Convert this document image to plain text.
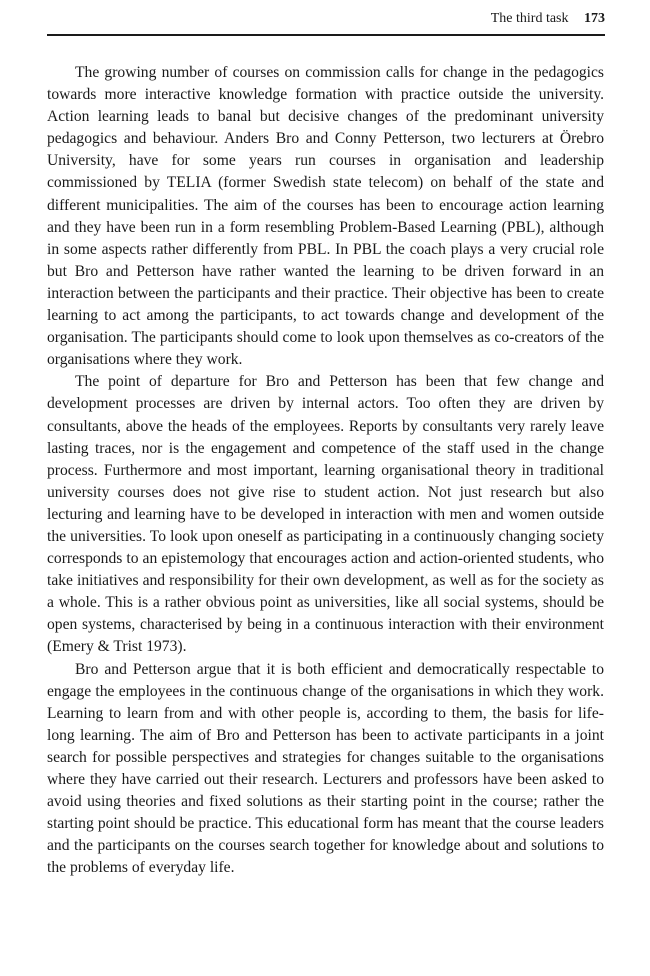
The third task 173

The growing number of courses on commission calls for change in the pedagogics towards more interactive knowledge formation with practice outside the university. Action learning leads to banal but decisive changes of the predominant university pedagogics and behaviour. Anders Bro and Conny Petterson, two lecturers at Örebro University, have for some years run courses in organisation and leadership commissioned by TELIA (former Swedish state telecom) on behalf of the state and different municipalities. The aim of the courses has been to encourage action learning and they have been run in a form resembling Problem-Based Learning (PBL), although in some aspects rather differently from PBL. In PBL the coach plays a very crucial role but Bro and Petterson have rather wanted the learning to be driven forward in an interaction between the participants and their practice. Their objective has been to create learning to act among the participants, to act towards change and development of the organisation. The participants should come to look upon themselves as co-creators of the organisations where they work.

The point of departure for Bro and Petterson has been that few change and development processes are driven by internal actors. Too often they are driven by consultants, above the heads of the employees. Reports by consultants very rarely leave lasting traces, nor is the engagement and competence of the staff used in the change process. Furthermore and most important, learning organisational theory in traditional university courses does not give rise to student action. Not just research but also lecturing and learning have to be developed in interaction with men and women outside the universities. To look upon oneself as participating in a continuously changing society corresponds to an epistemology that encourages action and action-oriented students, who take initiatives and responsibility for their own development, as well as for the society as a whole. This is a rather obvious point as universities, like all social systems, should be open systems, characterised by being in a continuous interaction with their environment (Emery & Trist 1973).

Bro and Petterson argue that it is both efficient and democratically respectable to engage the employees in the continuous change of the organisations in which they work. Learning to learn from and with other people is, according to them, the basis for life-long learning. The aim of Bro and Petterson has been to activate participants in a joint search for possible perspectives and strategies for changes suitable to the organisations where they have carried out their research. Lecturers and professors have been asked to avoid using theories and fixed solutions as their starting point in the course; rather the starting point should be practice. This educational form has meant that the course leaders and the participants on the courses search together for knowledge about and solutions to the problems of everyday life.
